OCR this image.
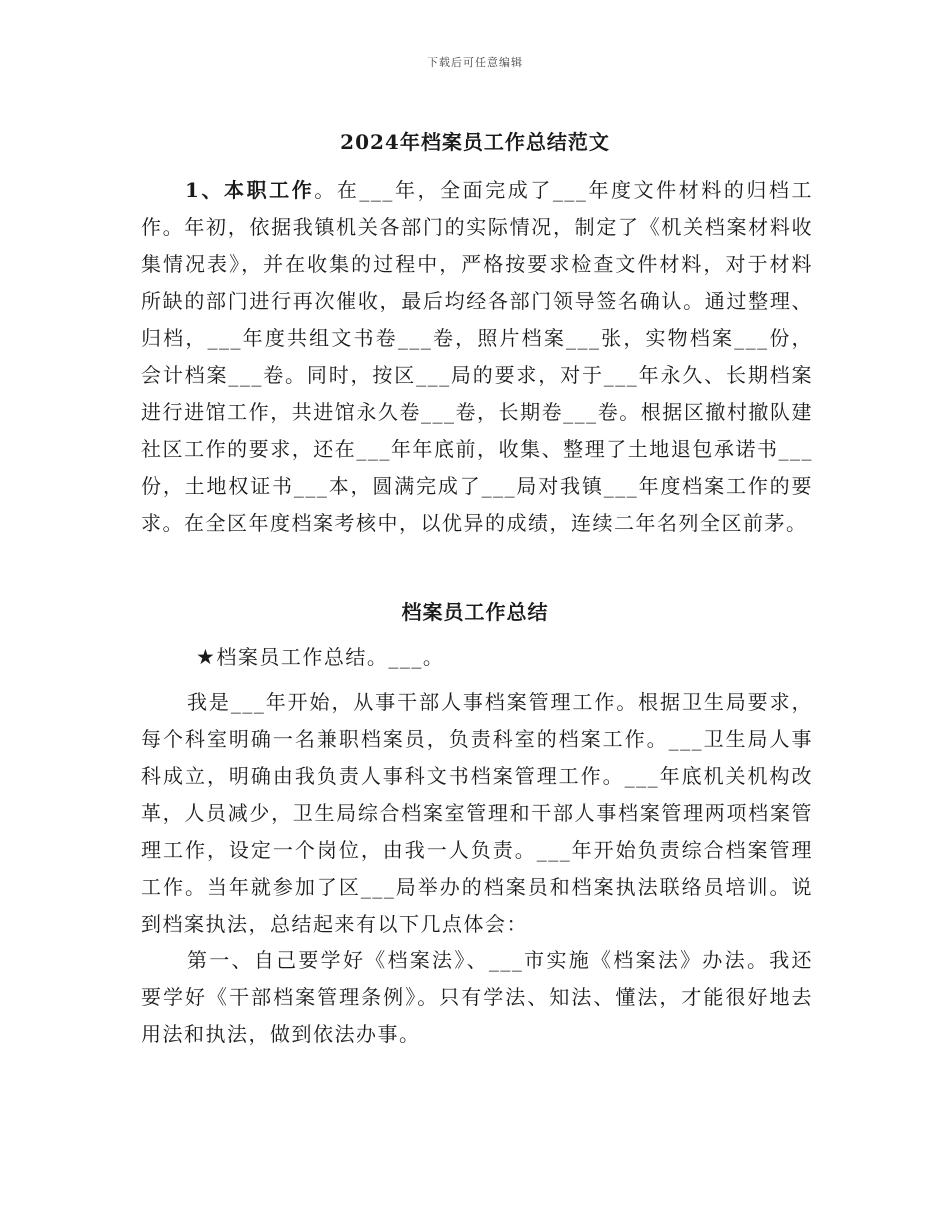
下载后可任意编辑
2024年档案员工作总结范文

1、本职工作。在___年，全面完成了___年度文件材料的归档工作。年初，依据我镇机关各部门的实际情况，制定了《机关档案材料收集情况表》，并在收集的过程中，严格按要求检查文件材料，对于材料所缺的部门进行再次催收，最后均经各部门领导签名确认。通过整理、归档，___年度共组文书卷___卷，照片档案___张，实物档案___份，会计档案___卷。同时，按区___局的要求，对于___年永久、长期档案进行进馆工作，共进馆永久卷___卷，长期卷___卷。根据区撤村撤队建社区工作的要求，还在___年年底前，收集、整理了土地退包承诺书___份，土地权证书___本，圆满完成了___局对我镇___年度档案工作的要求。在全区年度档案考核中，以优异的成绩，连续二年名列全区前茅。

档案员工作总结
★档案员工作总结。___。

我是___年开始，从事干部人事档案管理工作。根据卫生局要求，每个科室明确一名兼职档案员，负责科室的档案工作。___卫生局人事科成立，明确由我负责人事科文书档案管理工作。___年底机关机构改革，人员减少，卫生局综合档案室管理和干部人事档案管理两项档案管理工作，设定一个岗位，由我一人负责。___年开始负责综合档案管理工作。当年就参加了区___局举办的档案员和档案执法联络员培训。说到档案执法，总结起来有以下几点体会：

第一、自己要学好《档案法》、___市实施《档案法》办法。我还要学好《干部档案管理条例》。只有学法、知法、懂法，才能很好地去用法和执法，做到依法办事。
